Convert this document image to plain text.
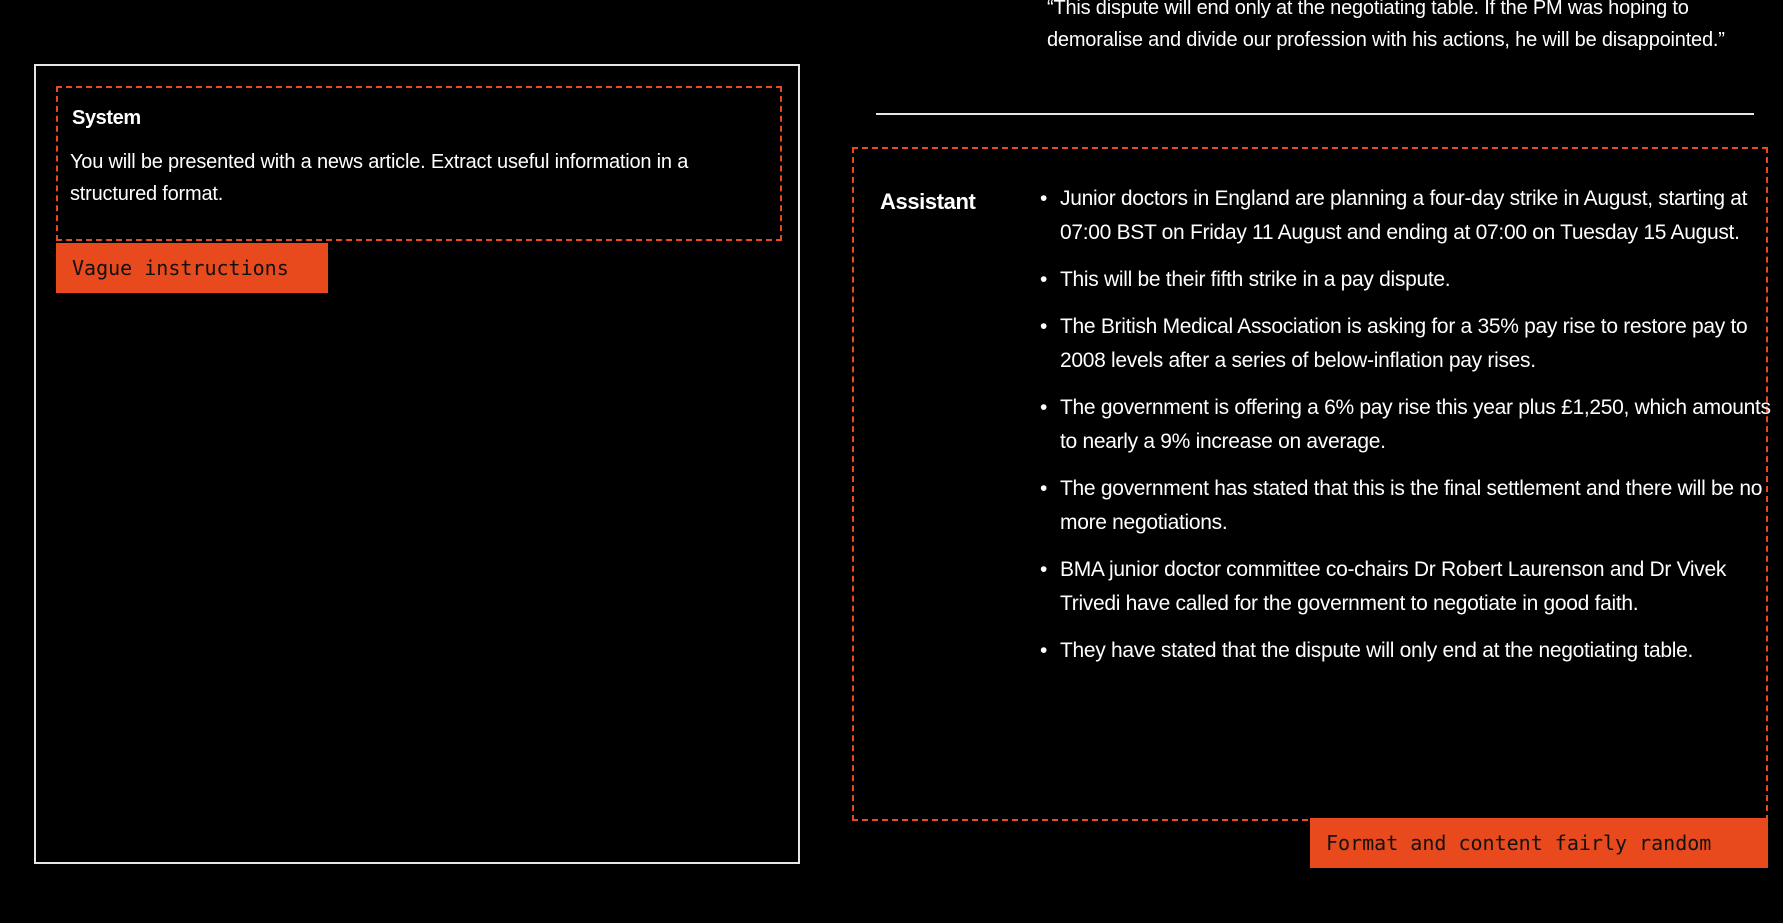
System
You will be presented with a news article. Extract useful information in a structured format.
Vague instructions
“This dispute will end only at the negotiating table. If the PM was hoping to demoralise and divide our profession with his actions, he will be disappointed.”
Assistant
•	Junior doctors in England are planning a four-day strike in August, starting at 07:00 BST on Friday 11 August and ending at 07:00 on Tuesday 15 August.
• This will be their fifth strike in a pay dispute.
• The British Medical Association is asking for a 35% pay rise to restore pay to 2008 levels after a series of below-inflation pay rises.
• The government is offering a 6% pay rise this year plus £1,250, which amounts to nearly a 9% increase on average.
• The government has stated that this is the final settlement and there will be no more negotiations.
• BMA junior doctor committee co-chairs Dr Robert Laurenson and Dr Vivek Trivedi have called for the government to negotiate in good faith.
• They have stated that the dispute will only end at the negotiating table.
Format and content fairly random
